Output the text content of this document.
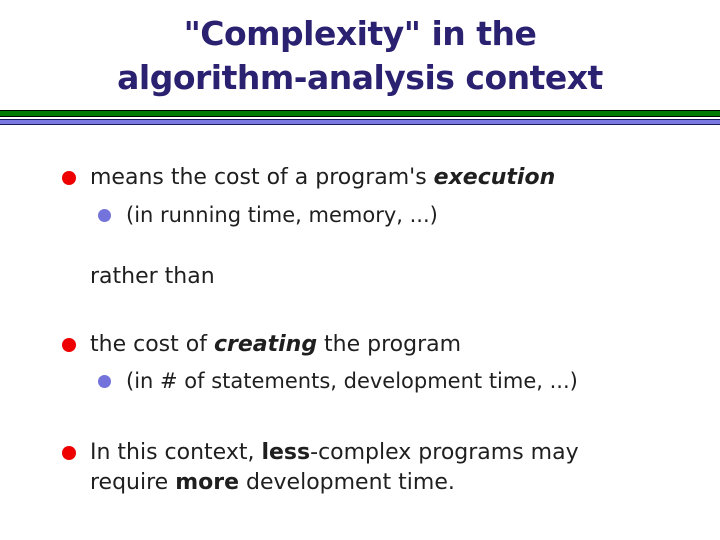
"Complexity" in the
algorithm-analysis context
means the cost of a program's execution
(in running time, memory, ...)
rather than
the cost of creating the program
(in # of statements, development time, ...)
In this context, less-complex programs may
require more development time.
